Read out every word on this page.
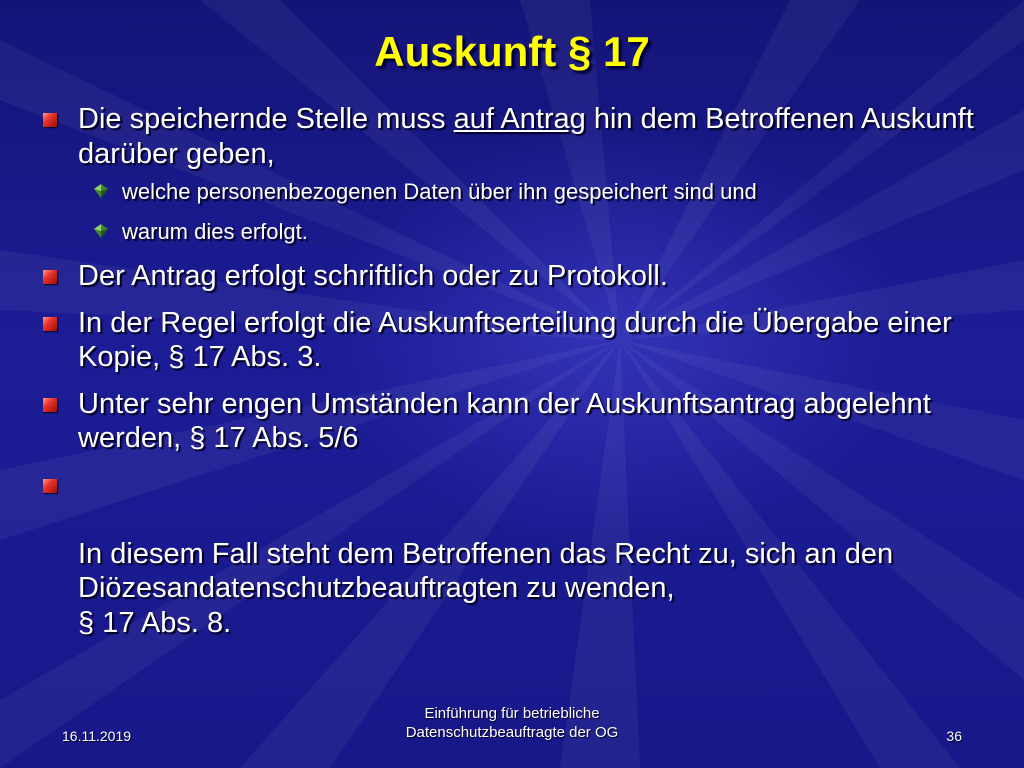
Auskunft § 17
Die speichernde Stelle muss auf Antrag hin dem Betroffenen Auskunft darüber geben,
welche personenbezogenen Daten über ihn gespeichert sind und
warum dies erfolgt.
Der Antrag erfolgt schriftlich oder zu Protokoll.
In der Regel erfolgt die Auskunftserteilung durch die Übergabe einer Kopie, § 17 Abs. 3.
Unter sehr engen Umständen kann der Auskunftsantrag abgelehnt werden, § 17 Abs. 5/6

In diesem Fall steht dem Betroffenen das Recht zu, sich an den Diözesandatenschutzbeauftragten zu wenden,
§ 17 Abs. 8.

16.11.2019
Einführung für betriebliche
Datenschutzbeauftragte der OG	36
